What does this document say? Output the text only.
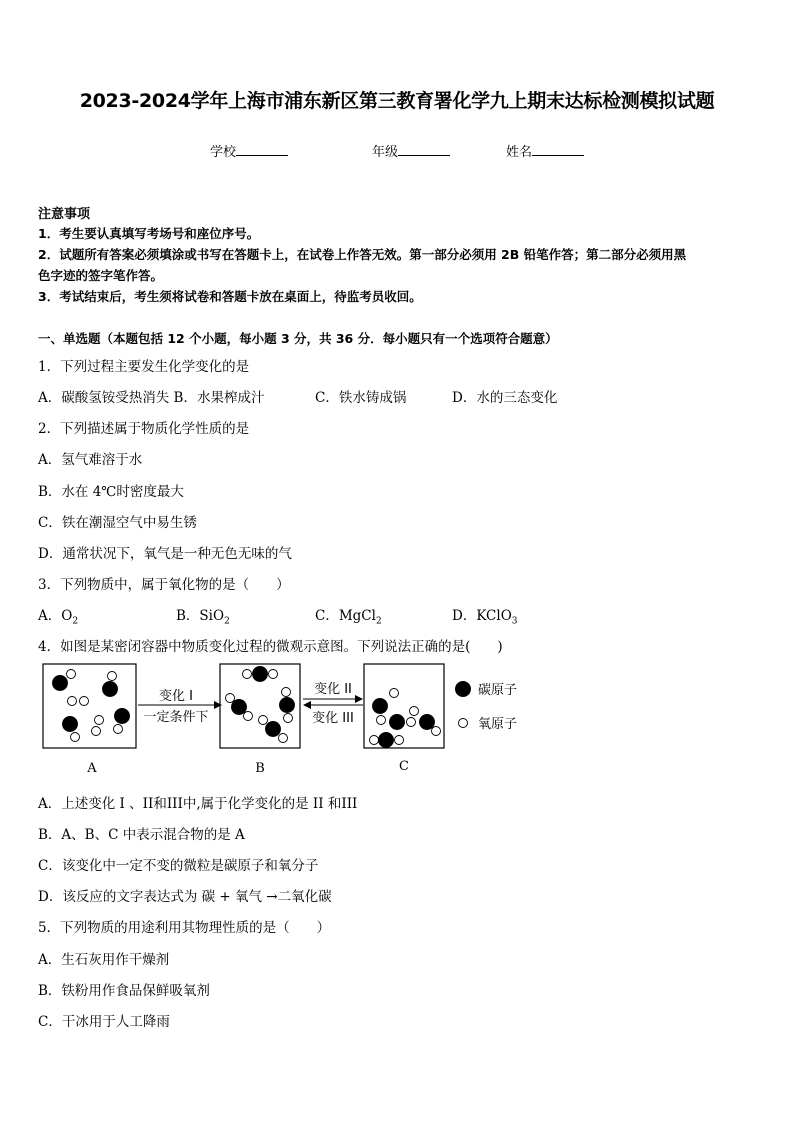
2023-2024学年上海市浦东新区第三教育署化学九上期末达标检测模拟试题
学校	年级	姓名
注意事项
1．考生要认真填写考场号和座位序号。
2．试题所有答案必须填涂或书写在答题卡上，在试卷上作答无效。第一部分必须用 2B 铅笔作答；第二部分必须用黑
色字迹的签字笔作答。
3．考试结束后，考生须将试卷和答题卡放在桌面上，待监考员收回。
一、单选题（本题包括 12 个小题，每小题 3 分，共 36 分．每小题只有一个选项符合题意）
1．下列过程主要发生化学变化的是
A．碳酸氢铵受热消失 B．水果榨成汁	C．铁水铸成锅	D．水的三态变化
2．下列描述属于物质化学性质的是
A．氢气难溶于水
B．水在 4℃时密度最大
C．铁在潮湿空气中易生锈
D．通常状况下，氧气是一种无色无味的气
3．下列物质中，属于氧化物的是（　　）
A．$O_2$	B．SiO$_2$	C．MgCl$_2$	D．KClO$_3$
4．如图是某密闭容器中物质变化过程的微观示意图。下列说法正确的是(　　)
A
变化 I
一定条件下
B
变化 II
变化 III
C
碳原子
氧原子
A．上述变化 I 、II和III中,属于化学变化的是 II 和III
B．A、B、C 中表示混合物的是 A
C．该变化中一定不变的微粒是碳原子和氧分子
D．该反应的文字表达式为 碳 + 氧气 →二氧化碳
5．下列物质的用途利用其物理性质的是（　　）
A．生石灰用作干燥剂
B．铁粉用作食品保鲜吸氧剂
C．干冰用于人工降雨
